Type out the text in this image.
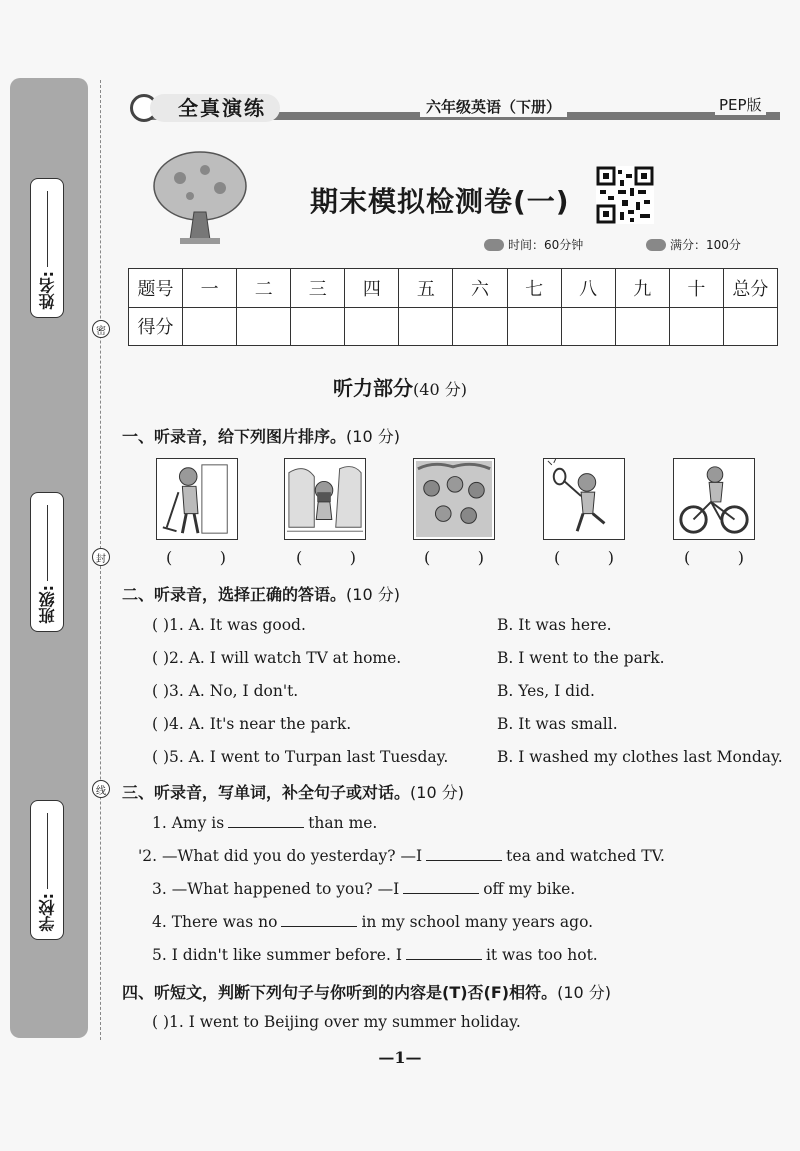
姓名:
班级:
学校:
密
封
线
全真演练	六年级英语（下册）	PEP版
期末模拟检测卷(一)
时间：60分钟	满分：100分
题号	一	二	三	四	五	六	七	八	九	十	总分
得分											
听力部分(40 分)
一、听录音，给下列图片排序。(10 分)
(	)	(	)	(	)	(	)	(	)
二、听录音，选择正确的答语。(10 分)
( )1. A. It was good.	B. It was here.
( )2. A. I will watch TV at home.	B. I went to the park.
( )3. A. No, I don't.	B. Yes, I did.
( )4. A. It's near the park.	B. It was small.
( )5. A. I went to Turpan last Tuesday.	B. I washed my clothes last Monday.
三、听录音，写单词，补全句子或对话。(10 分)
1. Amy is	than me.
'2. —What did you do yesterday? —I	tea and watched TV.
3. —What happened to you? —I	off my bike.
4. There was no	in my school many years ago.
5. I didn't like summer before. I	it was too hot.
四、听短文，判断下列句子与你听到的内容是(T)否(F)相符。(10 分)
( )1. I went to Beijing over my summer holiday.
—1—
